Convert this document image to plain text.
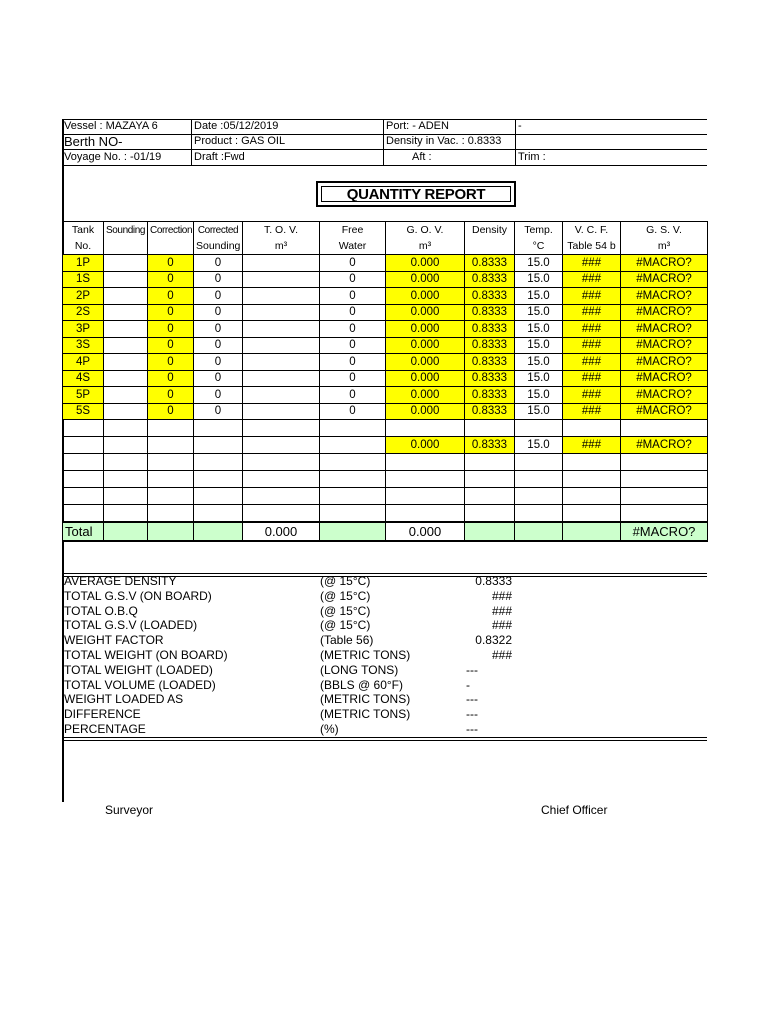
Vessel : MAZAYA 6	Date :05/12/2019	Port: - ADEN	-
Berth NO-	Product : GAS OIL	Density in Vac. : 0.8333
Voyage No. : -01/19	Draft :Fwd	Aft :	Trim :
QUANTITY REPORT
Tank	Sounding	Correction	Corrected	T. O. V.	Free	G. O. V.	Density	Temp.	V. C. F.	G. S. V.
No.			Sounding	m³	Water	m³		°C	Table 54 b	m³
1P		0	0		0	0.000	0.8333	15.0	###	#MACRO?
1S		0	0		0	0.000	0.8333	15.0	###	#MACRO?
2P		0	0		0	0.000	0.8333	15.0	###	#MACRO?
2S		0	0		0	0.000	0.8333	15.0	###	#MACRO?
3P		0	0		0	0.000	0.8333	15.0	###	#MACRO?
3S		0	0		0	0.000	0.8333	15.0	###	#MACRO?
4P		0	0		0	0.000	0.8333	15.0	###	#MACRO?
4S		0	0		0	0.000	0.8333	15.0	###	#MACRO?
5P		0	0		0	0.000	0.8333	15.0	###	#MACRO?
5S		0	0		0	0.000	0.8333	15.0	###	#MACRO?

						0.000	0.8333	15.0	###	#MACRO?

Total				0.000		0.000				#MACRO?
AVERAGE DENSITY	(@ 15°C)	0.8333
TOTAL G.S.V (ON BOARD)	(@ 15°C)	###
TOTAL O.B.Q	(@ 15°C)	###
TOTAL G.S.V (LOADED)	(@ 15°C)	###
WEIGHT FACTOR	(Table 56)	0.8322
TOTAL WEIGHT (ON BOARD)	(METRIC TONS)	###
TOTAL WEIGHT (LOADED)	(LONG TONS)	---
TOTAL VOLUME (LOADED)	(BBLS @ 60°F)	-
WEIGHT LOADED AS	(METRIC TONS)	---
DIFFERENCE	(METRIC TONS)	---
PERCENTAGE	(%)	---
Surveyor	Chief Officer
